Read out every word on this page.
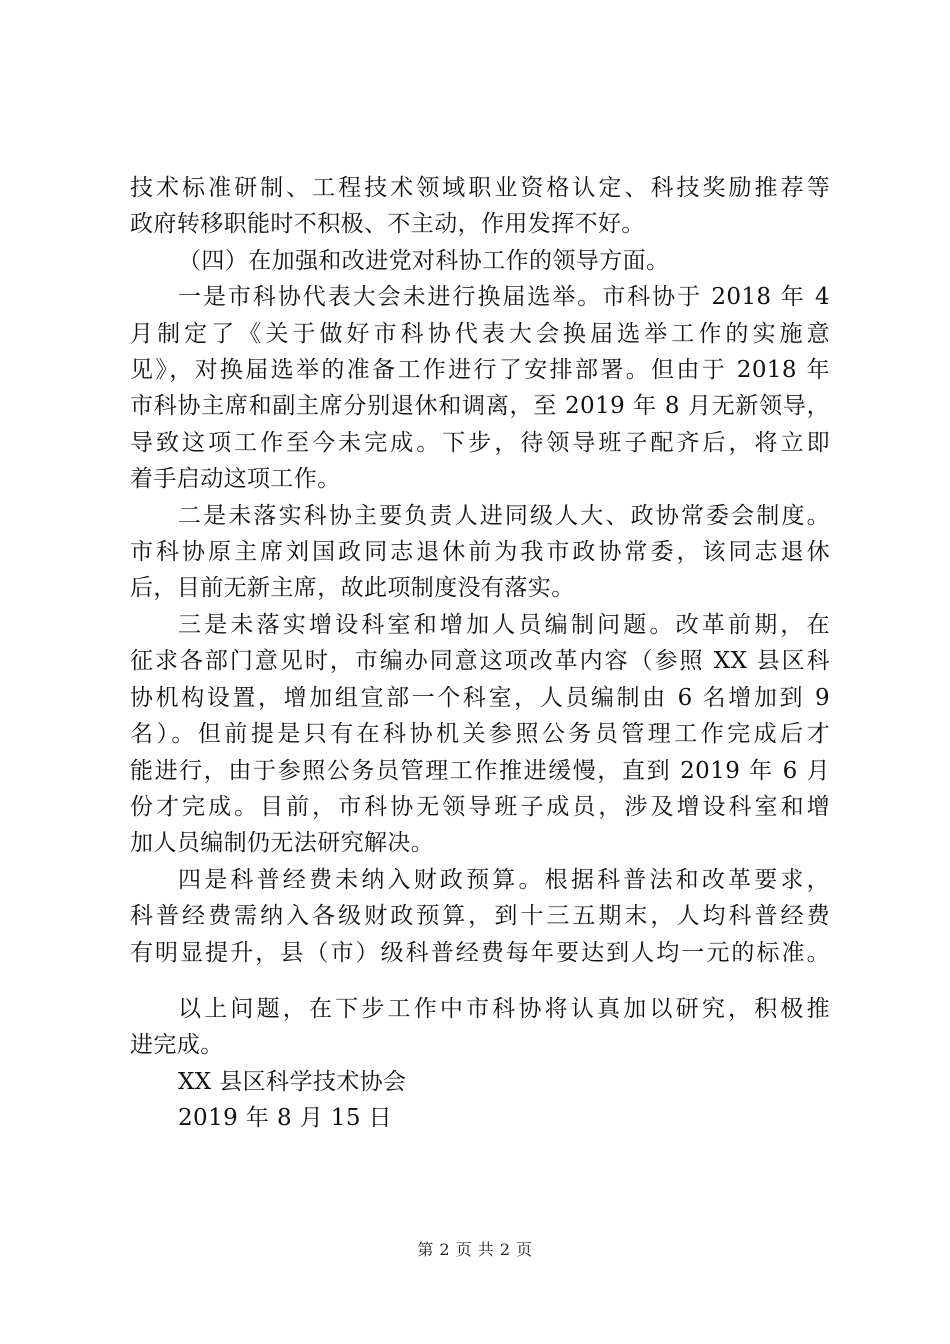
技术标准研制、工程技术领域职业资格认定、科技奖励推荐等
政府转移职能时不积极、不主动，作用发挥不好。
（四）在加强和改进党对科协工作的领导方面。
一是市科协代表大会未进行换届选举。市科协于 2018 年 4
月制定了《关于做好市科协代表大会换届选举工作的实施意
见》，对换届选举的准备工作进行了安排部署。但由于 2018 年
市科协主席和副主席分别退休和调离，至 2019 年 8 月无新领导，
导致这项工作至今未完成。下步，待领导班子配齐后，将立即
着手启动这项工作。
二是未落实科协主要负责人进同级人大、政协常委会制度。
市科协原主席刘国政同志退休前为我市政协常委，该同志退休
后，目前无新主席，故此项制度没有落实。
三是未落实增设科室和增加人员编制问题。改革前期，在
征求各部门意见时，市编办同意这项改革内容（参照 XX 县区科
协机构设置，增加组宣部一个科室，人员编制由 6 名增加到 9
名）。但前提是只有在科协机关参照公务员管理工作完成后才
能进行，由于参照公务员管理工作推进缓慢，直到 2019 年 6 月
份才完成。目前，市科协无领导班子成员，涉及增设科室和增
加人员编制仍无法研究解决。
四是科普经费未纳入财政预算。根据科普法和改革要求，
科普经费需纳入各级财政预算，到十三五期末，人均科普经费
有明显提升，县（市）级科普经费每年要达到人均一元的标准。
以上问题，在下步工作中市科协将认真加以研究，积极推
进完成。
XX 县区科学技术协会
2019 年 8 月 15 日
第 2 页 共 2 页
